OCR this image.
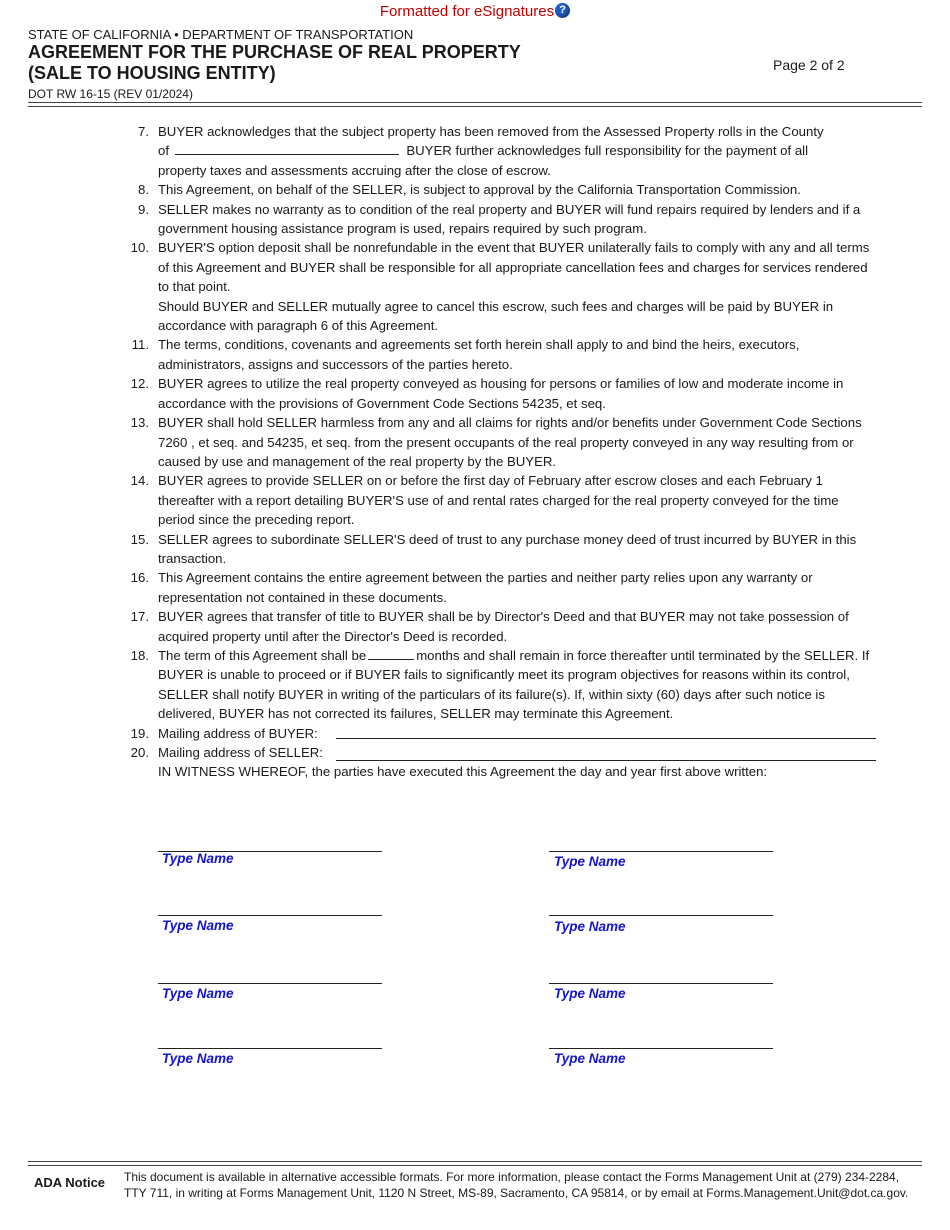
Formatted for eSignatures ?
STATE OF CALIFORNIA • DEPARTMENT OF TRANSPORTATION
AGREEMENT FOR THE PURCHASE OF REAL PROPERTY
(SALE TO HOUSING ENTITY)
DOT RW 16-15 (REV 01/2024)
Page 2 of 2
7. BUYER acknowledges that the subject property has been removed from the Assessed Property rolls in the County
of	BUYER further acknowledges full responsibility for the payment of all
property taxes and assessments accruing after the close of escrow.
8. This Agreement, on behalf of the SELLER, is subject to approval by the California Transportation Commission.
9. SELLER makes no warranty as to condition of the real property and BUYER will fund repairs required by lenders and if a government housing assistance program is used, repairs required by such program.
10. BUYER'S option deposit shall be nonrefundable in the event that BUYER unilaterally fails to comply with any and all terms of this Agreement and BUYER shall be responsible for all appropriate cancellation fees and charges for services rendered to that point.
Should BUYER and SELLER mutually agree to cancel this escrow, such fees and charges will be paid by BUYER in accordance with paragraph 6 of this Agreement.
11. The terms, conditions, covenants and agreements set forth herein shall apply to and bind the heirs, executors, administrators, assigns and successors of the parties hereto.
12. BUYER agrees to utilize the real property conveyed as housing for persons or families of low and moderate income in accordance with the provisions of Government Code Sections 54235, et seq.
13. BUYER shall hold SELLER harmless from any and all claims for rights and/or benefits under Government Code Sections 7260 , et seq. and 54235, et seq. from the present occupants of the real property conveyed in any way resulting from or caused by use and management of the real property by the BUYER.
14. BUYER agrees to provide SELLER on or before the first day of February after escrow closes and each February 1 thereafter with a report detailing BUYER'S use of and rental rates charged for the real property conveyed for the time period since the preceding report.
15. SELLER agrees to subordinate SELLER'S deed of trust to any purchase money deed of trust incurred by BUYER in this transaction.
16. This Agreement contains the entire agreement between the parties and neither party relies upon any warranty or representation not contained in these documents.
17. BUYER agrees that transfer of title to BUYER shall be by Director's Deed and that BUYER may not take possession of acquired property until after the Director's Deed is recorded.
18. The term of this Agreement shall be	months and shall remain in force thereafter until terminated by the SELLER. If BUYER is unable to proceed or if BUYER fails to significantly meet its program objectives for reasons within its control, SELLER shall notify BUYER in writing of the particulars of its failure(s). If, within sixty (60) days after such notice is delivered, BUYER has not corrected its failures, SELLER may terminate this Agreement.
19. Mailing address of BUYER:
20. Mailing address of SELLER:
IN WITNESS WHEREOF, the parties have executed this Agreement the day and year first above written:
Type Name
Type Name
Type Name
Type Name
Type Name
Type Name
Type Name
Type Name
ADA Notice This document is available in alternative accessible formats. For more information, please contact the Forms Management Unit at (279) 234-2284, TTY 711, in writing at Forms Management Unit, 1120 N Street, MS-89, Sacramento, CA 95814, or by email at Forms.Management.Unit@dot.ca.gov.
